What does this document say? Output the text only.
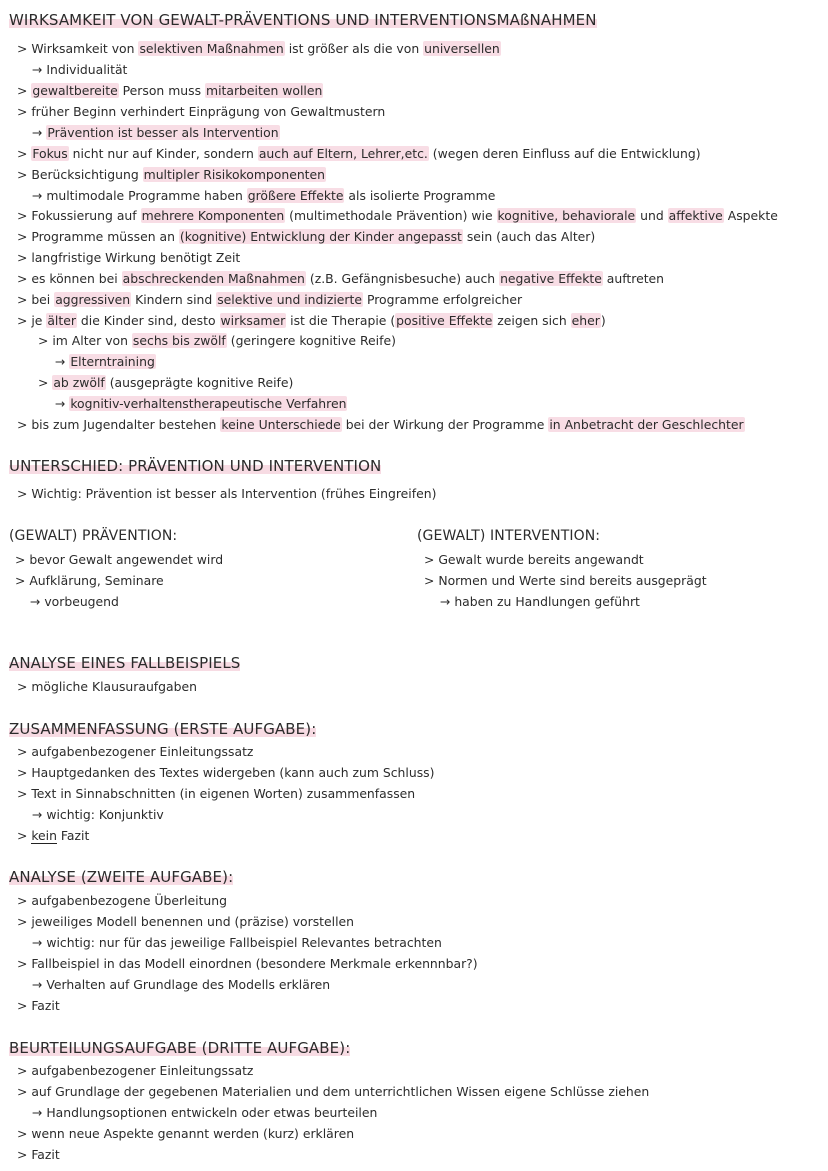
WIRKSAMKEIT VON GEWALT-PRÄVENTIONS UND INTERVENTIONSMAßNAHMEN
> Wirksamkeit von selektiven Maßnahmen ist größer als die von universellen
→ Individualität
> gewaltbereite Person muss mitarbeiten wollen
> früher Beginn verhindert Einprägung von Gewaltmustern
→ Prävention ist besser als Intervention
> Fokus nicht nur auf Kinder, sondern auch auf Eltern, Lehrer,etc. (wegen deren Einfluss auf die Entwicklung)
> Berücksichtigung multipler Risikokomponenten
→ multimodale Programme haben größere Effekte als isolierte Programme
> Fokussierung auf mehrere Komponenten (multimethodale Prävention) wie kognitive, behaviorale und affektive Aspekte
> Programme müssen an (kognitive) Entwicklung der Kinder angepasst sein (auch das Alter)
> langfristige Wirkung benötigt Zeit
> es können bei abschreckenden Maßnahmen (z.B. Gefängnisbesuche) auch negative Effekte auftreten
> bei aggressiven Kindern sind selektive und indizierte Programme erfolgreicher
> je älter die Kinder sind, desto wirksamer ist die Therapie (positive Effekte zeigen sich eher)
> im Alter von sechs bis zwölf (geringere kognitive Reife)
→ Elterntraining
> ab zwölf (ausgeprägte kognitive Reife)
→ kognitiv-verhaltenstherapeutische Verfahren
> bis zum Jugendalter bestehen keine Unterschiede bei der Wirkung der Programme in Anbetracht der Geschlechter
UNTERSCHIED: PRÄVENTION UND INTERVENTION
> Wichtig: Prävention ist besser als Intervention (frühes Eingreifen)
(GEWALT) PRÄVENTION:
> bevor Gewalt angewendet wird
> Aufklärung, Seminare
→ vorbeugend
(GEWALT) INTERVENTION:
> Gewalt wurde bereits angewandt
> Normen und Werte sind bereits ausgeprägt
→ haben zu Handlungen geführt
ANALYSE EINES FALLBEISPIELS
> mögliche Klausuraufgaben
ZUSAMMENFASSUNG (ERSTE AUFGABE):
> aufgabenbezogener Einleitungssatz
> Hauptgedanken des Textes widergeben (kann auch zum Schluss)
> Text in Sinnabschnitten (in eigenen Worten) zusammenfassen
→ wichtig: Konjunktiv
> kein Fazit
ANALYSE (ZWEITE AUFGABE):
> aufgabenbezogene Überleitung
> jeweiliges Modell benennen und (präzise) vorstellen
→ wichtig: nur für das jeweilige Fallbeispiel Relevantes betrachten
> Fallbeispiel in das Modell einordnen (besondere Merkmale erkennnbar?)
→ Verhalten auf Grundlage des Modells erklären
> Fazit
BEURTEILUNGSAUFGABE (DRITTE AUFGABE):
> aufgabenbezogener Einleitungssatz
> auf Grundlage der gegebenen Materialien und dem unterrichtlichen Wissen eigene Schlüsse ziehen
→ Handlungsoptionen entwickeln oder etwas beurteilen
> wenn neue Aspekte genannt werden (kurz) erklären
> Fazit
